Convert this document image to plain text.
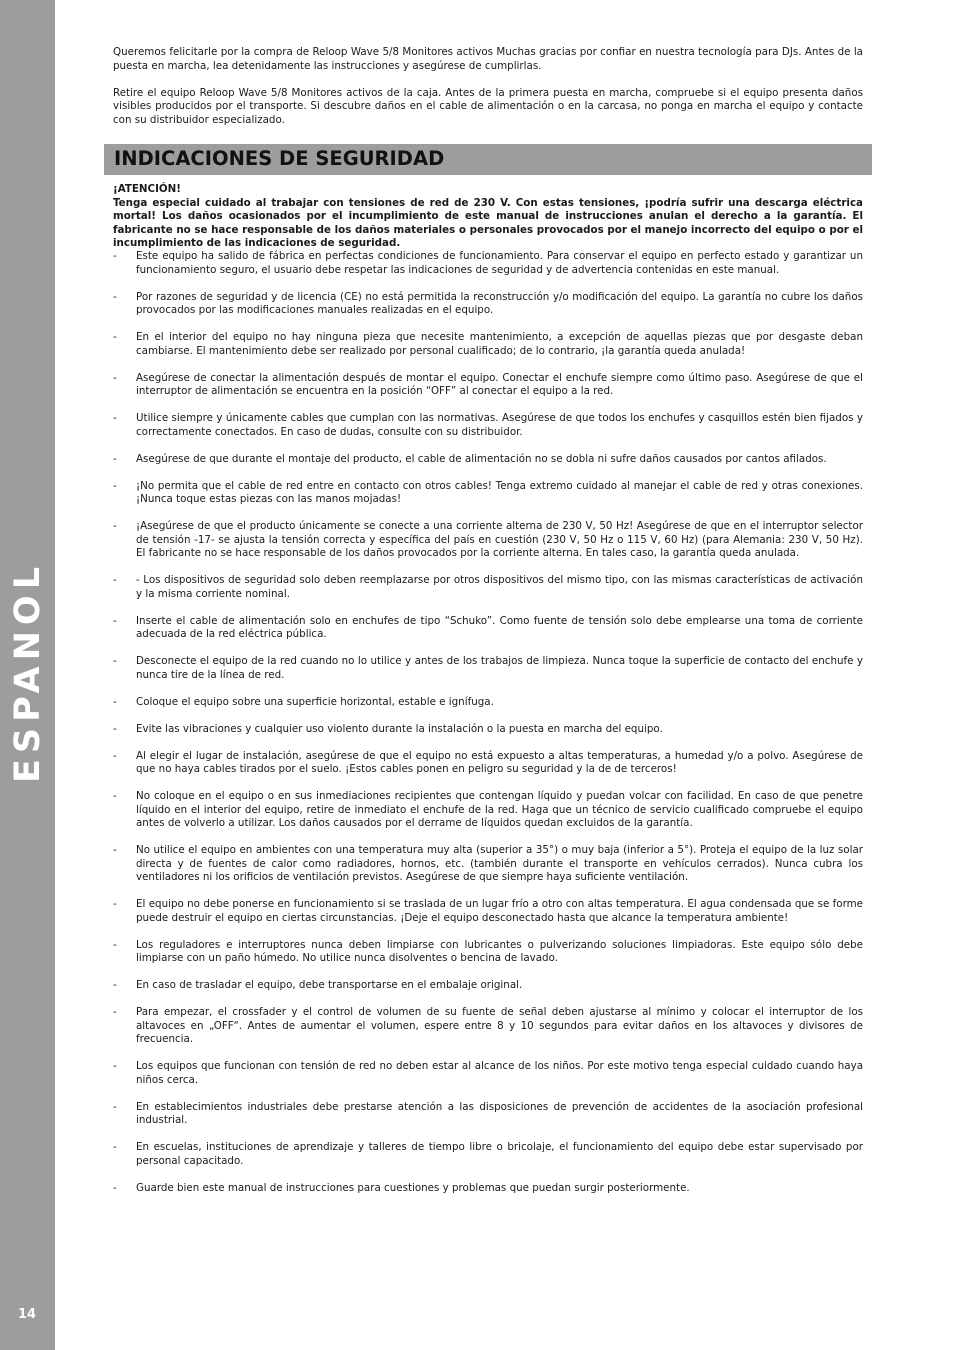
ESPANOL
14

Queremos felicitarle por la compra de Reloop Wave 5/8 Monitores activos Muchas gracias por confiar en nuestra tecnología para DJs. Antes de la puesta en marcha, lea detenidamente las instrucciones y asegúrese de cumplirlas.

Retire el equipo Reloop Wave 5/8 Monitores activos de la caja. Antes de la primera puesta en marcha, compruebe si el equipo presenta daños visibles producidos por el transporte. Si descubre daños en el cable de alimentación o en la carcasa, no ponga en marcha el equipo y contacte con su distribuidor especializado.

INDICACIONES DE SEGURIDAD

¡ATENCIÓN!

Tenga especial cuidado al trabajar con tensiones de red de 230 V. Con estas tensiones, ¡podría sufrir una descarga eléctrica mortal! Los daños ocasionados por el incumplimiento de este manual de instrucciones anulan el derecho a la garantía. El fabricante no se hace responsable de los daños materiales o personales provocados por el manejo incorrecto del equipo o por el incumplimiento de las indicaciones de seguridad.

- Este equipo ha salido de fábrica en perfectas condiciones de funcionamiento. Para conservar el equipo en perfecto estado y garantizar un funcionamiento seguro, el usuario debe respetar las indicaciones de seguridad y de advertencia contenidas en este manual.
- Por razones de seguridad y de licencia (CE) no está permitida la reconstrucción y/o modificación del equipo. La garantía no cubre los daños provocados por las modificaciones manuales realizadas en el equipo.
- En el interior del equipo no hay ninguna pieza que necesite mantenimiento, a excepción de aquellas piezas que por desgaste deban cambiarse. El mantenimiento debe ser realizado por personal cualificado; de lo contrario, ¡la garantía queda anulada!
- Asegúrese de conectar la alimentación después de montar el equipo. Conectar el enchufe siempre como último paso. Asegúrese de que el interruptor de alimentación se encuentra en la posición “OFF” al conectar el equipo a la red.
- Utilice siempre y únicamente cables que cumplan con las normativas. Asegúrese de que todos los enchufes y casquillos estén bien fijados y correctamente conectados. En caso de dudas, consulte con su distribuidor.
- Asegúrese de que durante el montaje del producto, el cable de alimentación no se dobla ni sufre daños causados por cantos afilados.
- ¡No permita que el cable de red entre en contacto con otros cables! Tenga extremo cuidado al manejar el cable de red y otras conexiones. ¡Nunca toque estas piezas con las manos mojadas!
- ¡Asegúrese de que el producto únicamente se conecte a una corriente alterna de 230 V, 50 Hz! Asegúrese de que en el interruptor selector de tensión -17- se ajusta la tensión correcta y específica del país en cuestión (230 V, 50 Hz o 115 V, 60 Hz) (para Alemania: 230 V, 50 Hz). El fabricante no se hace responsable de los daños provocados por la corriente alterna. En tales caso, la garantía queda anulada.
- - Los dispositivos de seguridad solo deben reemplazarse por otros dispositivos del mismo tipo, con las mismas características de activación y la misma corriente nominal.
- Inserte el cable de alimentación solo en enchufes de tipo “Schuko”. Como fuente de tensión solo debe emplearse una toma de corriente adecuada de la red eléctrica pública.
- Desconecte el equipo de la red cuando no lo utilice y antes de los trabajos de limpieza. Nunca toque la superficie de contacto del enchufe y nunca tire de la línea de red.
- Coloque el equipo sobre una superficie horizontal, estable e ignífuga.
- Evite las vibraciones y cualquier uso violento durante la instalación o la puesta en marcha del equipo.
- Al elegir el lugar de instalación, asegúrese de que el equipo no está expuesto a altas temperaturas, a humedad y/o a polvo. Asegúrese de que no haya cables tirados por el suelo. ¡Estos cables ponen en peligro su seguridad y la de de terceros!
- No coloque en el equipo o en sus inmediaciones recipientes que contengan líquido y puedan volcar con facilidad. En caso de que penetre líquido en el interior del equipo, retire de inmediato el enchufe de la red. Haga que un técnico de servicio cualificado compruebe el equipo antes de volverlo a utilizar. Los daños causados por el derrame de líquidos quedan excluidos de la garantía.
- No utilice el equipo en ambientes con una temperatura muy alta (superior a 35°) o muy baja (inferior a 5°). Proteja el equipo de la luz solar directa y de fuentes de calor como radiadores, hornos, etc. (también durante el transporte en vehículos cerrados). Nunca cubra los ventiladores ni los orificios de ventilación previstos. Asegúrese de que siempre haya suficiente ventilación.
- El equipo no debe ponerse en funcionamiento si se traslada de un lugar frío a otro con altas temperatura. El agua condensada que se forme puede destruir el equipo en ciertas circunstancias. ¡Deje el equipo desconectado hasta que alcance la temperatura ambiente!
- Los reguladores e interruptores nunca deben limpiarse con lubricantes o pulverizando soluciones limpiadoras. Este equipo sólo debe limpiarse con un paño húmedo. No utilice nunca disolventes o bencina de lavado.
- En caso de trasladar el equipo, debe transportarse en el embalaje original.
- Para empezar, el crossfader y el control de volumen de su fuente de señal deben ajustarse al mínimo y colocar el interruptor de los altavoces en „OFF“. Antes de aumentar el volumen, espere entre 8 y 10 segundos para evitar daños en los altavoces y divisores de frecuencia.
- Los equipos que funcionan con tensión de red no deben estar al alcance de los niños. Por este motivo tenga especial cuidado cuando haya niños cerca.
- En establecimientos industriales debe prestarse atención a las disposiciones de prevención de accidentes de la asociación profesional industrial.
- En escuelas, instituciones de aprendizaje y talleres de tiempo libre o bricolaje, el funcionamiento del equipo debe estar supervisado por personal capacitado.
- Guarde bien este manual de instrucciones para cuestiones y problemas que puedan surgir posteriormente.
